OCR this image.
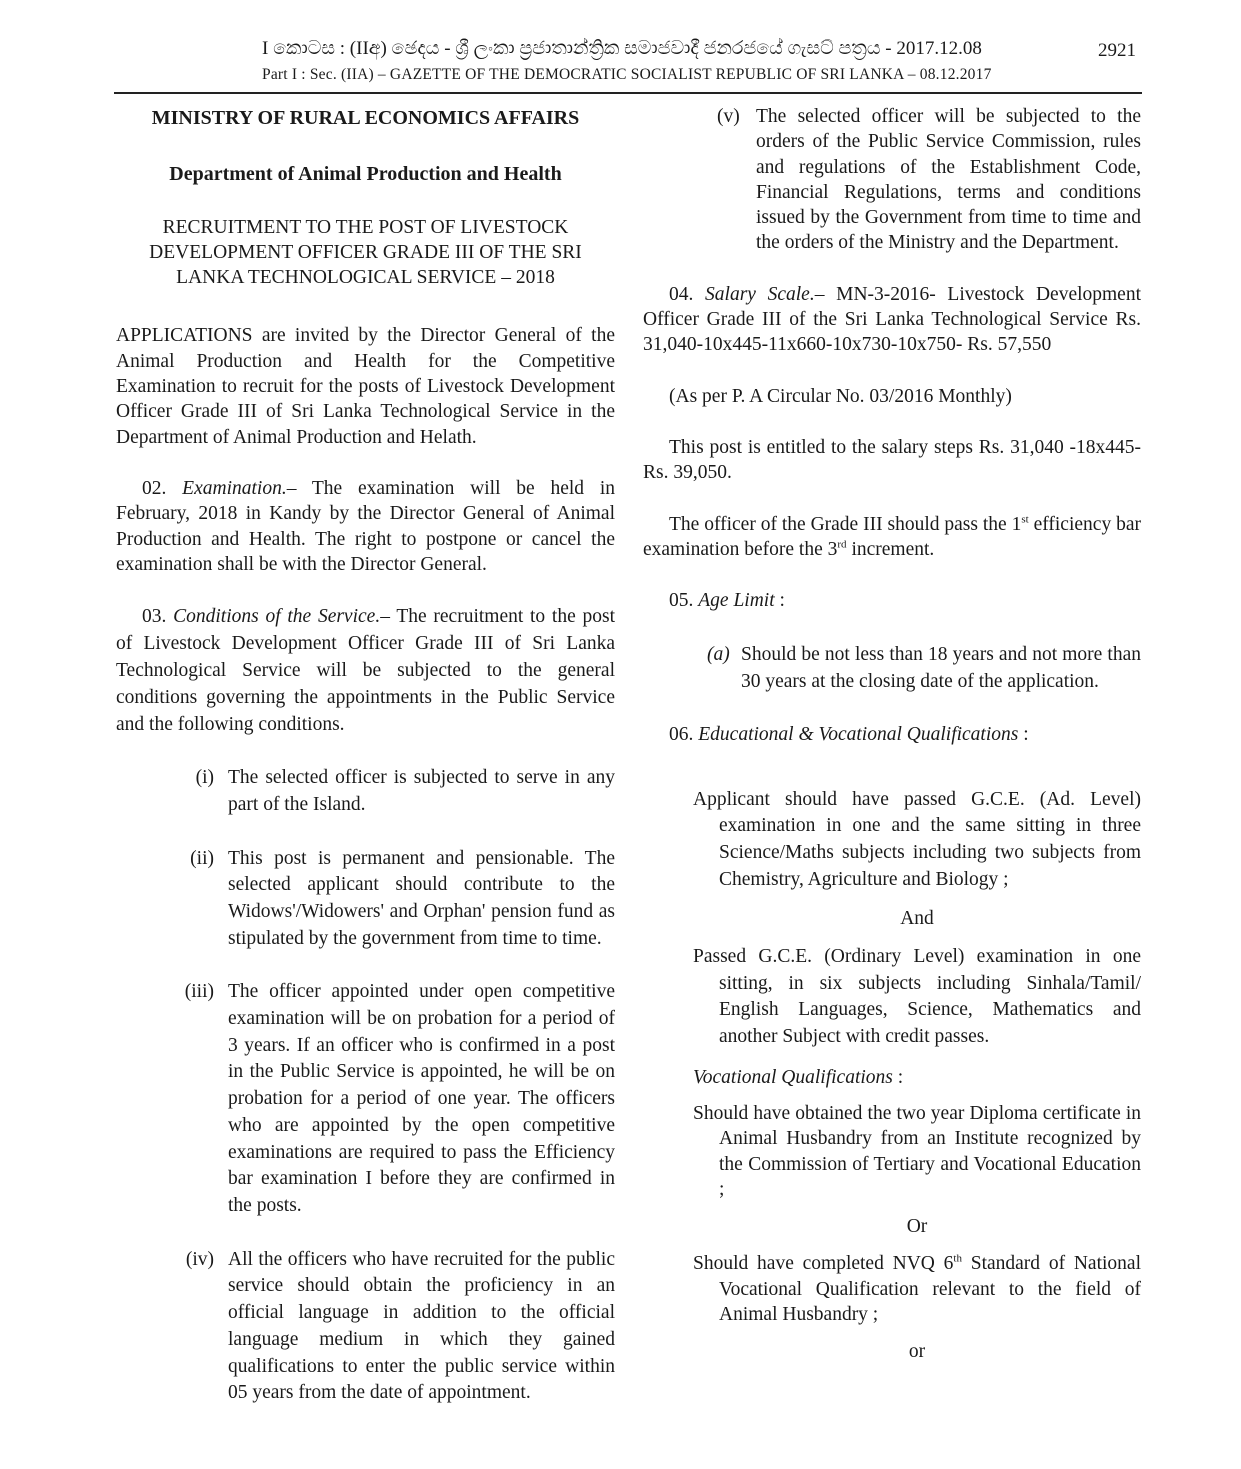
I කොටස : (IIඅ) ඡෙදය - ශ්‍රී ලංකා ප්‍රජාතාන්ත්‍රික සමාජවාදී ජනරජයේ ගැසට් පත්‍රය - 2017.12.08	2921
Part I : Sec. (IIA) – GAZETTE OF THE DEMOCRATIC SOCIALIST REPUBLIC OF SRI LANKA – 08.12.2017

MINISTRY OF RURAL ECONOMICS AFFAIRS

Department of Animal Production and Health

RECRUITMENT TO THE POST OF LIVESTOCK DEVELOPMENT OFFICER GRADE III OF THE SRI LANKA TECHNOLOGICAL SERVICE – 2018

APPLICATIONS are invited by the Director General of the Animal Production and Health for the Competitive Examination to recruit for the posts of Livestock Development Officer Grade III of Sri Lanka Technological Service in the Department of Animal Production and Helath.

02. Examination.– The examination will be held in February, 2018 in Kandy by the Director General of Animal Production and Health. The right to postpone or cancel the examination shall be with the Director General.

03. Conditions of the Service.– The recruitment to the post of Livestock Development Officer Grade III of Sri Lanka Technological Service will be subjected to the general conditions governing the appointments in the Public Service and the following conditions.

(i) The selected officer is subjected to serve in any part of the Island.

(ii) This post is permanent and pensionable. The selected applicant should contribute to the Widows'/Widowers' and Orphan' pension fund as stipulated by the government from time to time.

(iii) The officer appointed under open competitive examination will be on probation for a period of 3 years. If an officer who is confirmed in a post in the Public Service is appointed, he will be on probation for a period of one year. The officers who are appointed by the open competitive examinations are required to pass the Efficiency bar examination I before they are confirmed in the posts.

(iv) All the officers who have recruited for the public service should obtain the proficiency in an official language in addition to the official language medium in which they gained qualifications to enter the public service within 05 years from the date of appointment.

(v) The selected officer will be subjected to the orders of the Public Service Commission, rules and regulations of the Establishment Code, Financial Regulations, terms and conditions issued by the Government from time to time and the orders of the Ministry and the Department.

04. Salary Scale.– MN-3-2016- Livestock Development Officer Grade III of the Sri Lanka Technological Service Rs. 31,040-10x445-11x660-10x730-10x750- Rs. 57,550

(As per P. A Circular No. 03/2016 Monthly)

This post is entitled to the salary steps Rs. 31,040 -18x445- Rs. 39,050.

The officer of the Grade III should pass the 1st efficiency bar examination before the 3rd increment.

05. Age Limit :

(a) Should be not less than 18 years and not more than 30 years at the closing date of the application.

06. Educational & Vocational Qualifications :

Applicant should have passed G.C.E. (Ad. Level) examination in one and the same sitting in three Science/Maths subjects including two subjects from Chemistry, Agriculture and Biology ;

And

Passed G.C.E. (Ordinary Level) examination in one sitting, in six subjects including Sinhala/Tamil/ English Languages, Science, Mathematics and another Subject with credit passes.

Vocational Qualifications :

Should have obtained the two year Diploma certificate in Animal Husbandry from an Institute recognized by the Commission of Tertiary and Vocational Education ;

Or

Should have completed NVQ 6th Standard of National Vocational Qualification relevant to the field of Animal Husbandry ;

or
